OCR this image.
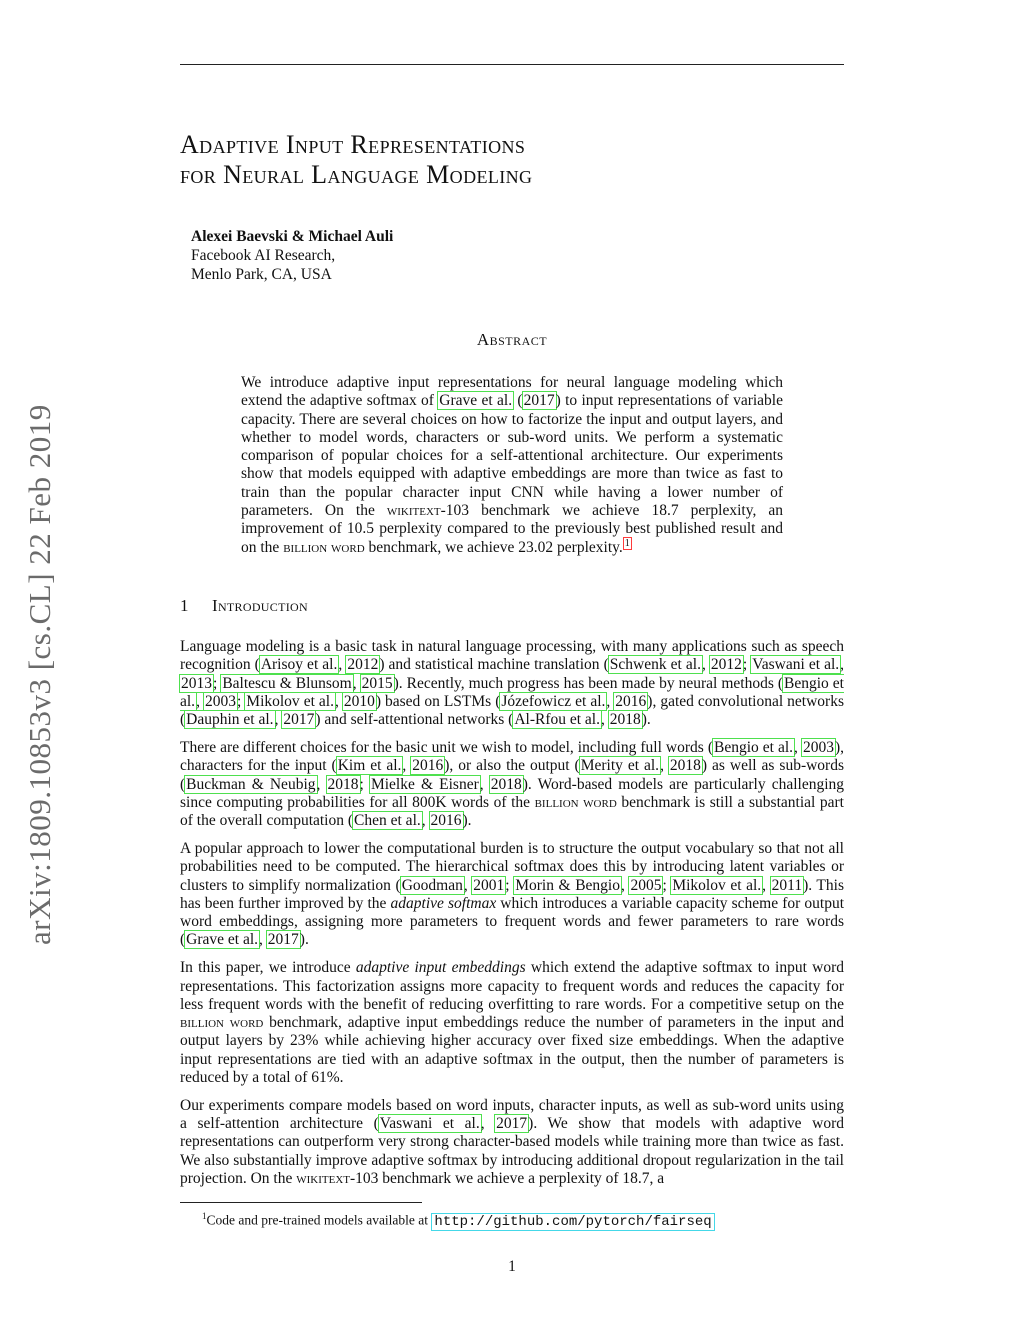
arXiv:1809.10853v3 [cs.CL] 22 Feb 2019
Adaptive Input Representations
for Neural Language Modeling
Alexei Baevski & Michael Auli
Facebook AI Research,
Menlo Park, CA, USA
Abstract
We introduce adaptive input representations for neural language modeling which extend the adaptive softmax of Grave et al. (2017) to input representations of variable capacity. There are several choices on how to factorize the input and output layers, and whether to model words, characters or sub-word units. We perform a systematic comparison of popular choices for a self-attentional architecture. Our experiments show that models equipped with adaptive embeddings are more than twice as fast to train than the popular character input CNN while having a lower number of parameters. On the wikitext-103 benchmark we achieve 18.7 perplexity, an improvement of 10.5 perplexity compared to the previously best published result and on the billion word benchmark, we achieve 23.02 perplexity. $^1$
1 Introduction

Language modeling is a basic task in natural language processing, with many applications such as speech recognition (Arisoy et al., 2012) and statistical machine translation (Schwenk et al., 2012; Vaswani et al., 2013; Baltescu & Blunsom, 2015). Recently, much progress has been made by neural methods (Bengio et al., 2003; Mikolov et al., 2010) based on LSTMs (Józefowicz et al., 2016), gated convolutional networks (Dauphin et al., 2017) and self-attentional networks (Al-Rfou et al., 2018).

There are different choices for the basic unit we wish to model, including full words (Bengio et al., 2003), characters for the input (Kim et al., 2016), or also the output (Merity et al., 2018) as well as sub-words (Buckman & Neubig, 2018; Mielke & Eisner, 2018). Word-based models are particularly challenging since computing probabilities for all 800K words of the billion word benchmark is still a substantial part of the overall computation (Chen et al., 2016).

A popular approach to lower the computational burden is to structure the output vocabulary so that not all probabilities need to be computed. The hierarchical softmax does this by introducing latent variables or clusters to simplify normalization (Goodman, 2001; Morin & Bengio, 2005; Mikolov et al., 2011). This has been further improved by the adaptive softmax which introduces a variable capacity scheme for output word embeddings, assigning more parameters to frequent words and fewer parameters to rare words (Grave et al., 2017).

In this paper, we introduce adaptive input embeddings which extend the adaptive softmax to input word representations. This factorization assigns more capacity to frequent words and reduces the capacity for less frequent words with the benefit of reducing overfitting to rare words. For a competitive setup on the billion word benchmark, adaptive input embeddings reduce the number of parameters in the input and output layers by 23% while achieving higher accuracy over fixed size embeddings. When the adaptive input representations are tied with an adaptive softmax in the output, then the number of parameters is reduced by a total of 61%.

Our experiments compare models based on word inputs, character inputs, as well as sub-word units using a self-attention architecture (Vaswani et al., 2017). We show that models with adaptive word representations can outperform very strong character-based models while training more than twice as fast. We also substantially improve adaptive softmax by introducing additional dropout regularization in the tail projection. On the wikitext-103 benchmark we achieve a perplexity of 18.7, a

$^1$Code and pre-trained models available at http://github.com/pytorch/fairseq
1
